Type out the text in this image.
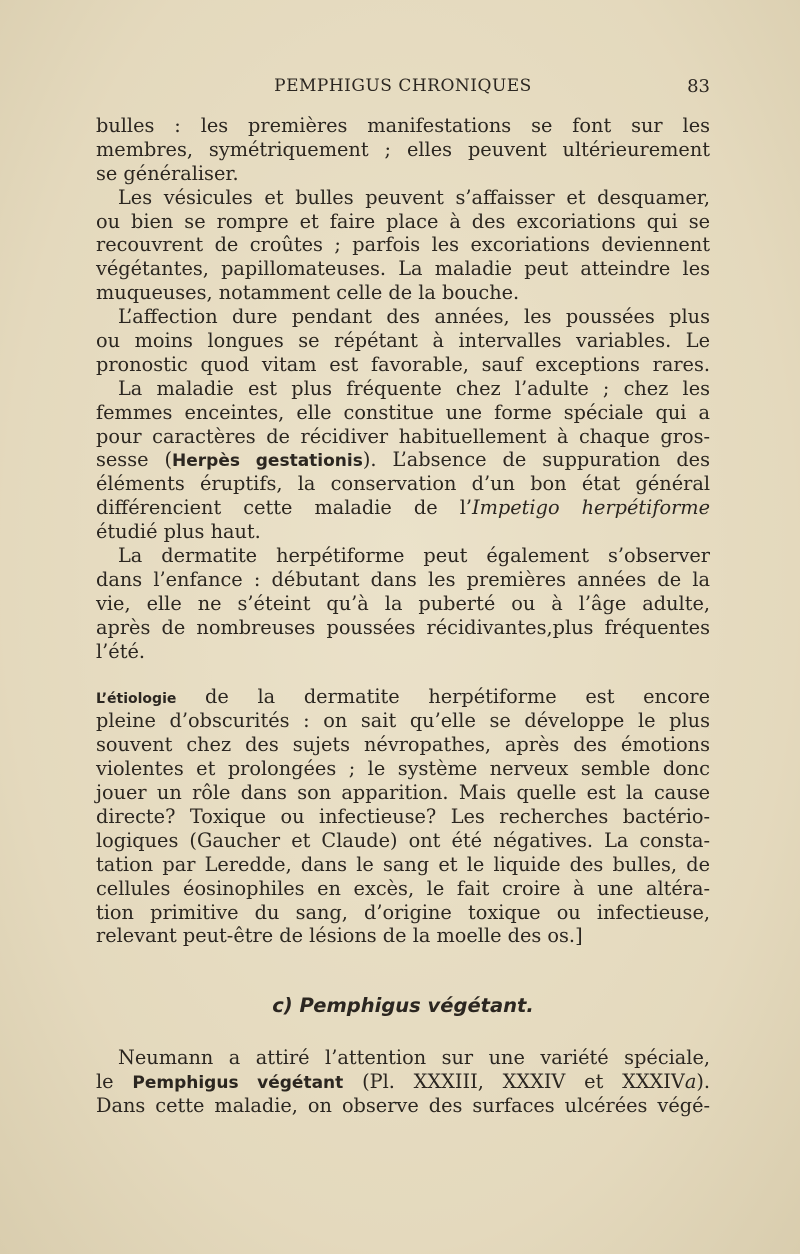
PEMPHIGUS CHRONIQUES	83
bulles : les premières manifestations se font sur les
membres, symétriquement ; elles peuvent ultérieurement
se généraliser.
Les vésicules et bulles peuvent s’affaisser et desquamer,
ou bien se rompre et faire place à des excoriations qui se
recouvrent de croûtes ; parfois les excoriations deviennent
végétantes, papillomateuses. La maladie peut atteindre les
muqueuses, notamment celle de la bouche.
L’affection dure pendant des années, les poussées plus
ou moins longues se répétant à intervalles variables. Le
pronostic quod vitam est favorable, sauf exceptions rares.
La maladie est plus fréquente chez l’adulte ; chez les
femmes enceintes, elle constitue une forme spéciale qui a
pour caractères de récidiver habituellement à chaque gros-
sesse (Herpès gestationis). L’absence de suppuration des
éléments éruptifs, la conservation d’un bon état général
différencient cette maladie de l’Impetigo herpétiforme
étudié plus haut.
La dermatite herpétiforme peut également s’observer
dans l’enfance : débutant dans les premières années de la
vie, elle ne s’éteint qu’à la puberté ou à l’âge adulte,
après de nombreuses poussées récidivantes,plus fréquentes
l’été.
L’étiologie de la dermatite herpétiforme est encore
pleine d’obscurités : on sait qu’elle se développe le plus
souvent chez des sujets névropathes, après des émotions
violentes et prolongées ; le système nerveux semble donc
jouer un rôle dans son apparition. Mais quelle est la cause
directe? Toxique ou infectieuse? Les recherches bactério-
logiques (Gaucher et Claude) ont été négatives. La consta-
tation par Leredde, dans le sang et le liquide des bulles, de
cellules éosinophiles en excès, le fait croire à une altéra-
tion primitive du sang, d’origine toxique ou infectieuse,
relevant peut-être de lésions de la moelle des os.]
c) Pemphigus végétant.
Neumann a attiré l’attention sur une variété spéciale,
le Pemphigus végétant (Pl. XXXIII, XXXIV et XXXIVa).
Dans cette maladie, on observe des surfaces ulcérées végé-
